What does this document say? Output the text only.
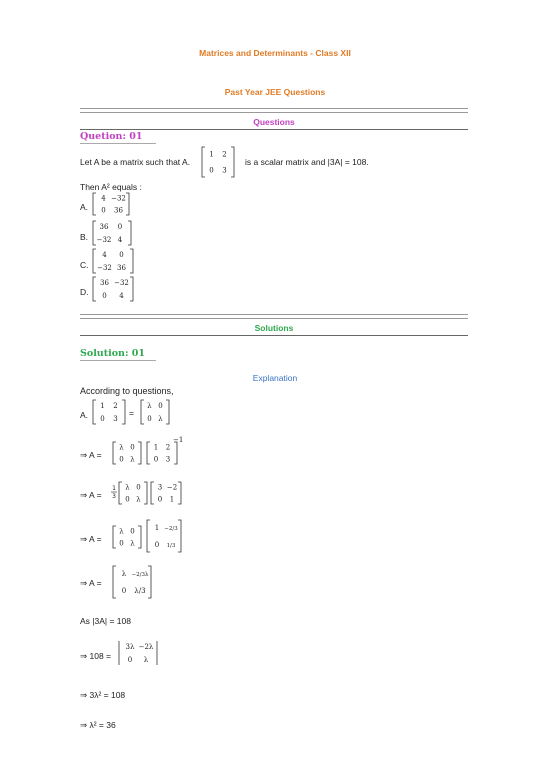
Matrices and Determinants - Class XII
Past Year JEE Questions
Questions
Quetion: 01
Let A be a matrix such that A.
1 2
0 3
is a scalar matrix and |3A| = 108.
Then A² equals :
A.
4 −32
0 36
B.
36 0
−32 4
C.
4 0
−32 36
D.
36 −32
0 4
Solutions
Solution: 01
Explanation
According to questions,
A.
1 2
0 3
=
λ 0
0 λ
⇒ A =
λ 0
0 λ
1 2
0 3
−1
⇒ A =
1
3
λ 0
0 λ
3 −2
0 1
⇒ A =
λ 0
0 λ
1 −2/3
0 1/3
⇒ A =
λ −2/3λ
0 λ/3
As |3A| = 108
⇒ 108 =
3λ −2λ
0 λ
⇒ 3λ² = 108
⇒ λ² = 36
